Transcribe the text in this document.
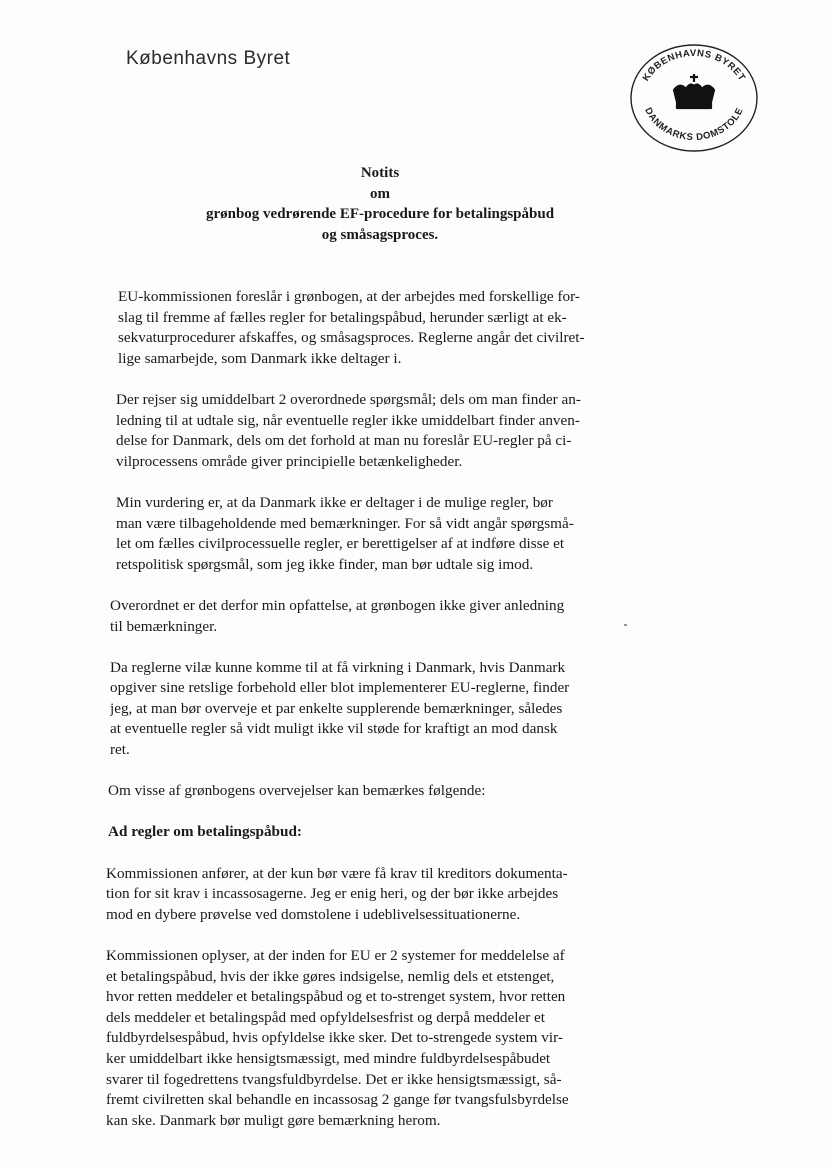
Københavns Byret
KØBENHAVNS BYRET
DANMARKS DOMSTOLE
Notits
om
grønbog vedrørende EF-procedure for betalingspåbud
og småsagsproces.
EU-kommissionen foreslår i grønbogen, at der arbejdes med forskellige for-
slag til fremme af fælles regler for betalingspåbud, herunder særligt at ek-
sekvaturprocedurer afskaffes, og småsagsproces. Reglerne angår det civilret-
lige samarbejde, som Danmark ikke deltager i.
Der rejser sig umiddelbart 2 overordnede spørgsmål; dels om man finder an-
ledning til at udtale sig, når eventuelle regler ikke umiddelbart finder anven-
delse for Danmark, dels om det forhold at man nu foreslår EU-regler på ci-
vilprocessens område giver principielle betænkeligheder.
Min vurdering er, at da Danmark ikke er deltager i de mulige regler, bør
man være tilbageholdende med bemærkninger. For så vidt angår spørgsmå-
let om fælles civilprocessuelle regler, er berettigelser af at indføre disse et
retspolitisk spørgsmål, som jeg ikke finder, man bør udtale sig imod.
Overordnet er det derfor min opfattelse, at grønbogen ikke giver anledning
til bemærkninger.
Da reglerne vilæ kunne komme til at få virkning i Danmark, hvis Danmark
opgiver sine retslige forbehold eller blot implementerer EU-reglerne, finder
jeg, at man bør overveje et par enkelte supplerende bemærkninger, således
at eventuelle regler så vidt muligt ikke vil støde for kraftigt an mod dansk
ret.
Om visse af grønbogens overvejelser kan bemærkes følgende:
Ad regler om betalingspåbud:
Kommissionen anfører, at der kun bør være få krav til kreditors dokumenta-
tion for sit krav i incassosagerne. Jeg er enig heri, og der bør ikke arbejdes
mod en dybere prøvelse ved domstolene i udeblivelsessituationerne.
Kommissionen oplyser, at der inden for EU er 2 systemer for meddelelse af
et betalingspåbud, hvis der ikke gøres indsigelse, nemlig dels et etstenget,
hvor retten meddeler et betalingspåbud og et to-strenget system, hvor retten
dels meddeler et betalingspåd med opfyldelsesfrist og derpå meddeler et
fuldbyrdelsespåbud, hvis opfyldelse ikke sker. Det to-strengede system vir-
ker umiddelbart ikke hensigtsmæssigt, med mindre fuldbyrdelsespåbudet
svarer til fogedrettens tvangsfuldbyrdelse. Det er ikke hensigtsmæssigt, så-
fremt civilretten skal behandle en incassosag 2 gange før tvangsfulsbyrdelse
kan ske. Danmark bør muligt gøre bemærkning herom.
